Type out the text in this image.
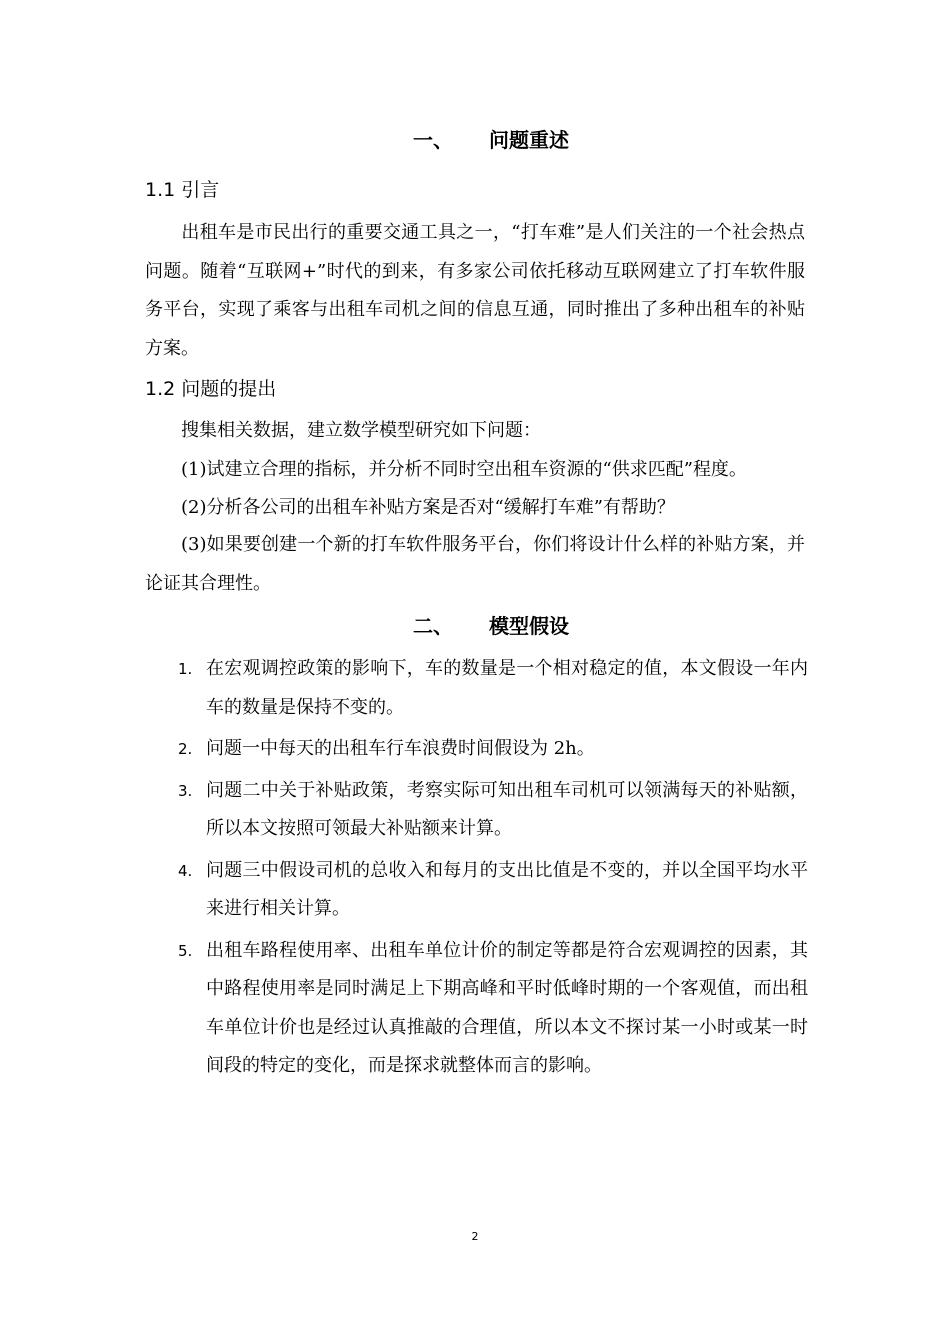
一、 问题重述
1.1 引言

出租车是市民出行的重要交通工具之一，“打车难”是人们关注的一个社会热点问题。随着“互联网+”时代的到来，有多家公司依托移动互联网建立了打车软件服务平台，实现了乘客与出租车司机之间的信息互通，同时推出了多种出租车的补贴方案。

1.2 问题的提出
搜集相关数据，建立数学模型研究如下问题：
(1)试建立合理的指标，并分析不同时空出租车资源的“供求匹配”程度。
(2)分析各公司的出租车补贴方案是否对“缓解打车难”有帮助？

(3)如果要创建一个新的打车软件服务平台，你们将设计什么样的补贴方案，并论证其合理性。

二、 模型假设
1. 在宏观调控政策的影响下，车的数量是一个相对稳定的值，本文假设一年内车的数量是保持不变的。
2. 问题一中每天的出租车行车浪费时间假设为 2h。
3. 问题二中关于补贴政策，考察实际可知出租车司机可以领满每天的补贴额，所以本文按照可领最大补贴额来计算。
4. 问题三中假设司机的总收入和每月的支出比值是不变的，并以全国平均水平来进行相关计算。
5. 出租车路程使用率、出租车单位计价的制定等都是符合宏观调控的因素，其中路程使用率是同时满足上下期高峰和平时低峰时期的一个客观值，而出租车单位计价也是经过认真推敲的合理值，所以本文不探讨某一小时或某一时间段的特定的变化，而是探求就整体而言的影响。
2
